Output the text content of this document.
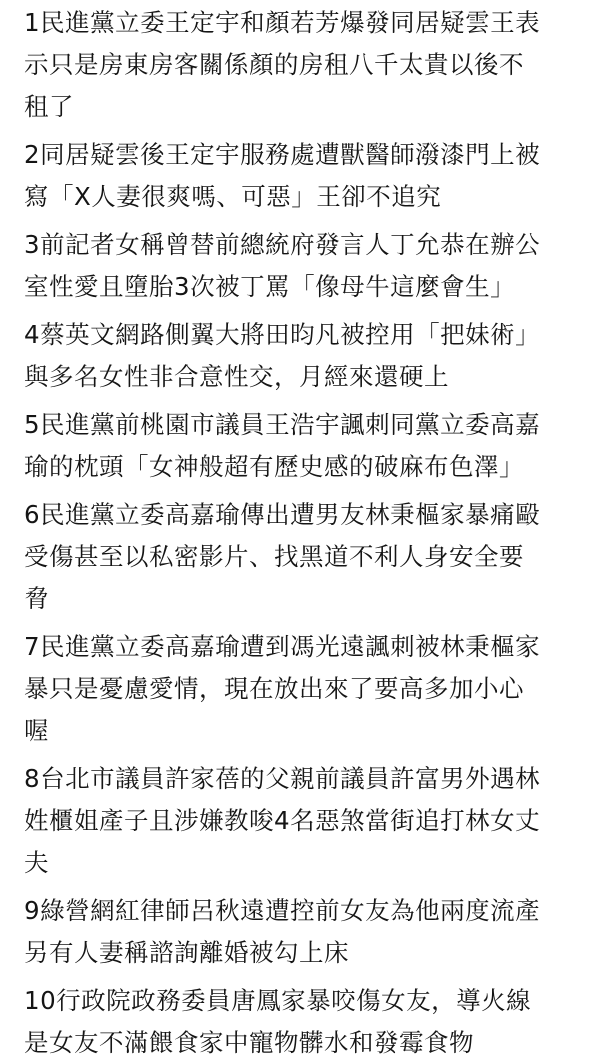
1民進黨立委王定宇和顏若芳爆發同居疑雲王表
示只是房東房客關係顏的房租八千太貴以後不
租了
2同居疑雲後王定宇服務處遭獸醫師潑漆門上被
寫「X人妻很爽嗎、可惡」王卻不追究
3前記者女稱曾替前總統府發言人丁允恭在辦公
室性愛且墮胎3次被丁罵「像母牛這麼會生」
4蔡英文網路側翼大將田昀凡被控用「把妹術」
與多名女性非合意性交，月經來還硬上
5民進黨前桃園市議員王浩宇諷刺同黨立委高嘉
瑜的枕頭「女神般超有歷史感的破麻布色澤」
6民進黨立委高嘉瑜傳出遭男友林秉樞家暴痛毆
受傷甚至以私密影片、找黑道不利人身安全要
脅
7民進黨立委高嘉瑜遭到馮光遠諷刺被林秉樞家
暴只是憂慮愛情，現在放出來了要高多加小心
喔
8台北市議員許家蓓的父親前議員許富男外遇林
姓櫃姐產子且涉嫌教唆4名惡煞當街追打林女丈
夫
9綠營網紅律師呂秋遠遭控前女友為他兩度流產
另有人妻稱諮詢離婚被勾上床
10行政院政務委員唐鳳家暴咬傷女友，導火線
是女友不滿餵食家中寵物髒水和發霉食物
